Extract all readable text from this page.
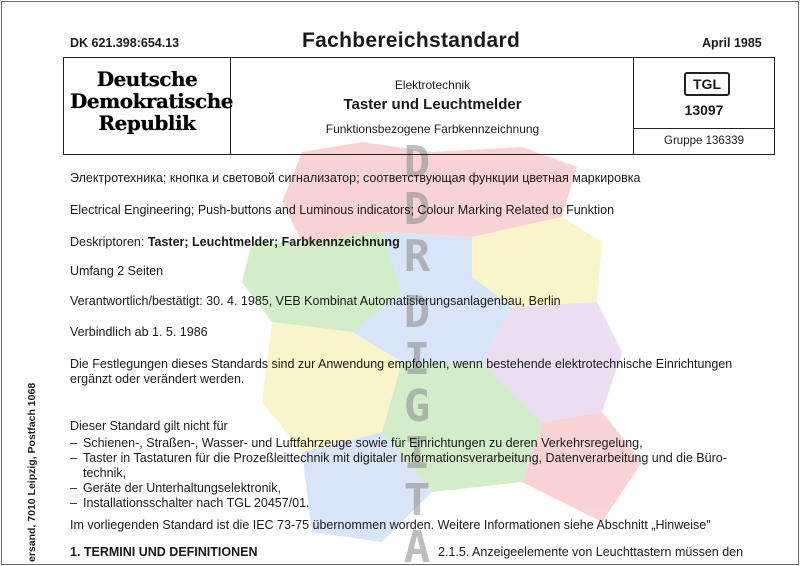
D
D
R
D
I
G
I
T
A
DK 621.398:654.13	Fachbereichstandard	April 1985
Deutsche
Demokratische
Republik
Elektrotechnik
Taster und Leuchtmelder
Funktionsbezogene Farbkennzeichnung
TGL
13097
Gruppe 136339
Электротехника; кнопка и световой сигнализатор; соответствующая функции цветная маркировка
Electrical Engineering; Push-buttons and Luminous indicators; Colour Marking Related to Funktion
Deskriptoren: Taster; Leuchtmelder; Farbkennzeichnung
Umfang 2 Seiten
Verantwortlich/bestätigt: 30. 4. 1985, VEB Kombinat Automatisierungsanlagenbau, Berlin
Verbindlich ab 1. 5. 1986
Die Festlegungen dieses Standards sind zur Anwendung empfohlen, wenn bestehende elektrotechnische Einrichtungen
ergänzt oder verändert werden.
Dieser Standard gilt nicht für
– Schienen-, Straßen-, Wasser- und Luftfahrzeuge sowie für Einrichtungen zu deren Verkehrsregelung,
– Taster in Tastaturen für die Prozeßleittechnik mit digitaler Informationsverarbeitung, Datenverarbeitung und die Büro-
technik,
– Geräte der Unterhaltungselektronik,
– Installationsschalter nach TGL 20457/01.
Im vorliegenden Standard ist die IEC 73-75 übernommen worden. Weitere Informationen siehe Abschnitt „Hinweise"
1. TERMINI UND DEFINITIONEN	2.1.5. Anzeigeelemente von Leuchttastern müssen den
ersand, 7010 Leipzig, Postfach 1068
